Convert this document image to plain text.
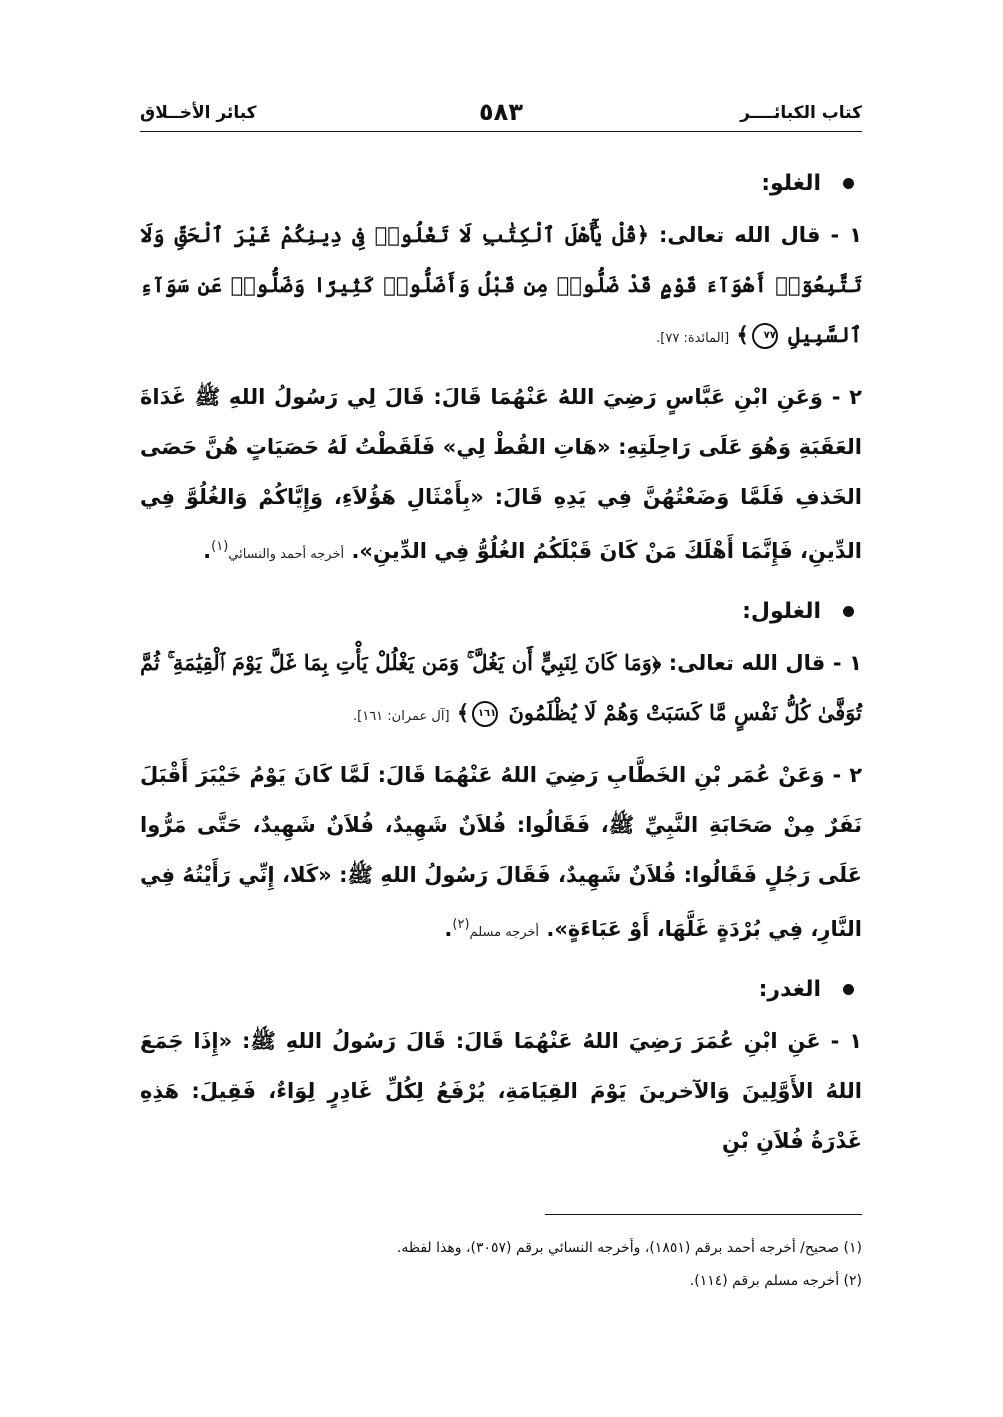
كتاب الكبائــــر
٥٨٣
كبائر الأخــلاق
الغلو:
١ - قال الله تعالى: ﴿قُلْ يَٰٓأَهْلَ ٱلْكِتَٰبِ لَا تَغْلُوا۟ فِى دِينِكُمْ غَيْرَ ٱلْحَقِّ وَلَا تَتَّبِعُوٓا۟ أَهْوَآءَ قَوْمٍ قَدْ ضَلُّوا۟ مِن قَبْلُ وَأَضَلُّوا۟ كَثِيرًا وَضَلُّوا۟ عَن سَوَآءِ ٱلسَّبِيلِ ٧٧﴾ [المائدة: ٧٧].
٢ - وَعَنِ ابْنِ عَبَّاسٍ رَضِيَ اللهُ عَنْهُمَا قَالَ: قَالَ لِي رَسُولُ اللهِ ﷺ غَدَاةَ العَقَبَةِ وَهُوَ عَلَى رَاحِلَتِهِ: «هَاتِ القُطْ لِي» فَلَقَطْتُ لَهُ حَصَيَاتٍ هُنَّ حَصَى الخَذفِ فَلَمَّا وَضَعْتُهُنَّ فِي يَدِهِ قَالَ: «بِأَمْثَالِ هَؤُلاَءِ، وَإِيَّاكُمْ وَالغُلُوَّ فِي الدِّينِ، فَإِنَّمَا أَهْلَكَ مَنْ كَانَ قَبْلَكُمُ الغُلُوُّ فِي الدِّينِ». أخرجه أحمد والنسائي$^{(١)}$.
الغلول:
١ - قال الله تعالى: ﴿وَمَا كَانَ لِنَبِيٍّ أَن يَغُلَّ ۚ وَمَن يَغْلُلْ يَأْتِ بِمَا غَلَّ يَوْمَ ٱلْقِيَٰمَةِ ۚ ثُمَّ تُوَفَّىٰ كُلُّ نَفْسٍ مَّا كَسَبَتْ وَهُمْ لَا يُظْلَمُونَ ١٦١﴾ [آل عمران: ١٦١].
٢ - وَعَنْ عُمَر بْنِ الخَطَّابِ رَضِيَ اللهُ عَنْهُمَا قَالَ: لَمَّا كَانَ يَوْمُ خَيْبَرَ أَقْبَلَ نَفَرٌ مِنْ صَحَابَةِ النَّبِيِّ ﷺ، فَقَالُوا: فُلاَنٌ شَهِيدٌ، فُلاَنٌ شَهِيدٌ، حَتَّى مَرُّوا عَلَى رَجُلٍ فَقَالُوا: فُلاَنٌ شَهِيدٌ، فَقَالَ رَسُولُ اللهِ ﷺ: «كَلا، إِنِّي رَأَيْتُهُ فِي النَّارِ، فِي بُرْدَةٍ غَلَّهَا، أَوْ عَبَاءَةٍ». أخرجه مسلم$^{(٢)}$.
الغدر:
١ - عَنِ ابْنِ عُمَرَ رَضِيَ اللهُ عَنْهُمَا قَالَ: قَالَ رَسُولُ اللهِ ﷺ: «إِذَا جَمَعَ اللهُ الأَوَّلِينَ وَالآخرينَ يَوْمَ القِيَامَةِ، يُرْفَعُ لِكُلِّ غَادِرٍ لِوَاءٌ، فَقِيلَ: هَذِهِ غَدْرَةُ فُلاَنِ بْنِ
(١) صحيح/ أخرجه أحمد برقم (١٨٥١)، وأخرجه النسائي برقم (٣٠٥٧)، وهذا لفظه.
(٢) أخرجه مسلم برقم (١١٤).
